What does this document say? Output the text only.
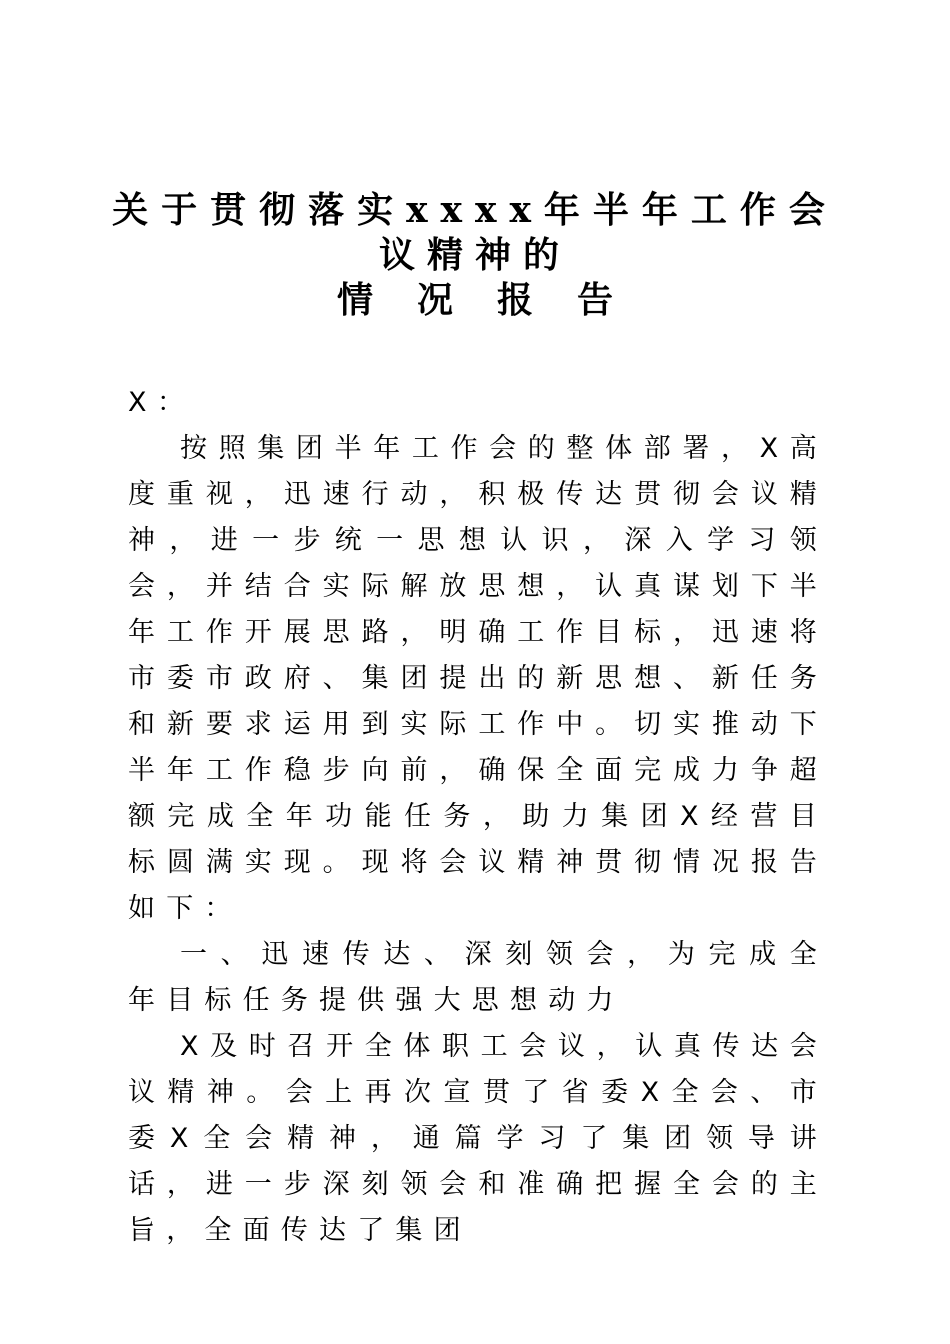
关于贯彻落实xxxx年半年工作会
议精神的
情况报告

X：

按照集团半年工作会的整体部署，X高度重视，迅速行动，积极传达贯彻会议精神，进一步统一思想认识，深入学习领会，并结合实际解放思想，认真谋划下半年工作开展思路，明确工作目标，迅速将市委市政府、集团提出的新思想、新任务和新要求运用到实际工作中。切实推动下半年工作稳步向前，确保全面完成力争超额完成全年功能任务，助力集团X经营目标圆满实现。现将会议精神贯彻情况报告如下：

一、迅速传达、深刻领会，为完成全年目标任务提供强大思想动力

X及时召开全体职工会议，认真传达会议精神。会上再次宣贯了省委X全会、市委X全会精神，通篇学习了集团领导讲话，进一步深刻领会和准确把握全会的主旨，全面传达了集团
